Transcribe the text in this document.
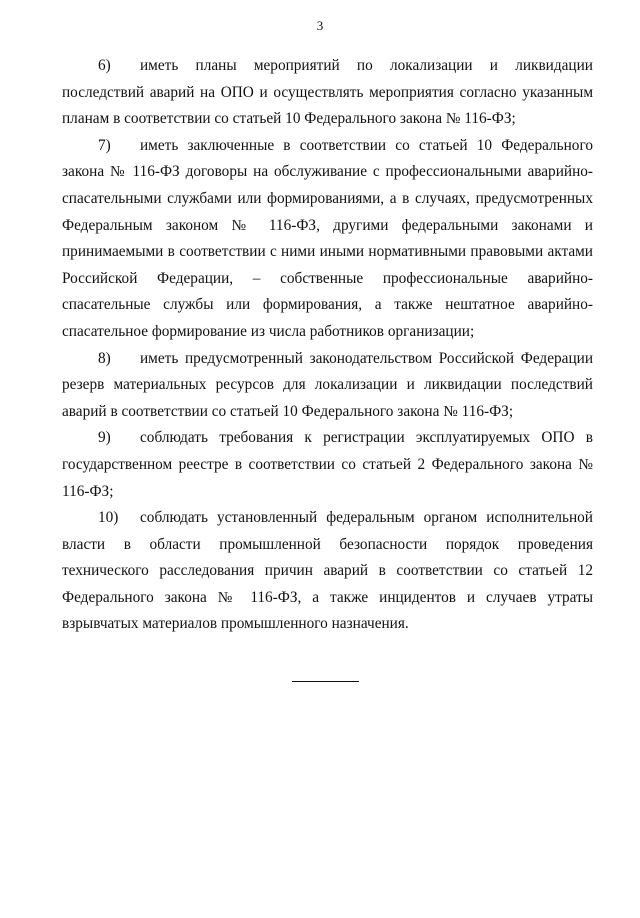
3

6) иметь планы мероприятий по локализации и ликвидации последствий аварий на ОПО и осуществлять мероприятия согласно указанным планам в соответствии со статьей 10 Федерального закона № 116-ФЗ;

7) иметь заключенные в соответствии со статьей 10 Федерального закона № 116-ФЗ договоры на обслуживание с профессиональными аварийно-спасательными службами или формированиями, а в случаях, предусмотренных Федеральным законом № 116-ФЗ, другими федеральными законами и принимаемыми в соответствии с ними иными нормативными правовыми актами Российской Федерации, – собственные профессиональные аварийно-спасательные службы или формирования, а также нештатное аварийно-спасательное формирование из числа работников организации;

8) иметь предусмотренный законодательством Российской Федерации резерв материальных ресурсов для локализации и ликвидации последствий аварий в соответствии со статьей 10 Федерального закона № 116-ФЗ;

9) соблюдать требования к регистрации эксплуатируемых ОПО в государственном реестре в соответствии со статьей 2 Федерального закона № 116-ФЗ;

10) соблюдать установленный федеральным органом исполнительной власти в области промышленной безопасности порядок проведения технического расследования причин аварий в соответствии со статьей 12 Федерального закона № 116-ФЗ, а также инцидентов и случаев утраты взрывчатых материалов промышленного назначения.
